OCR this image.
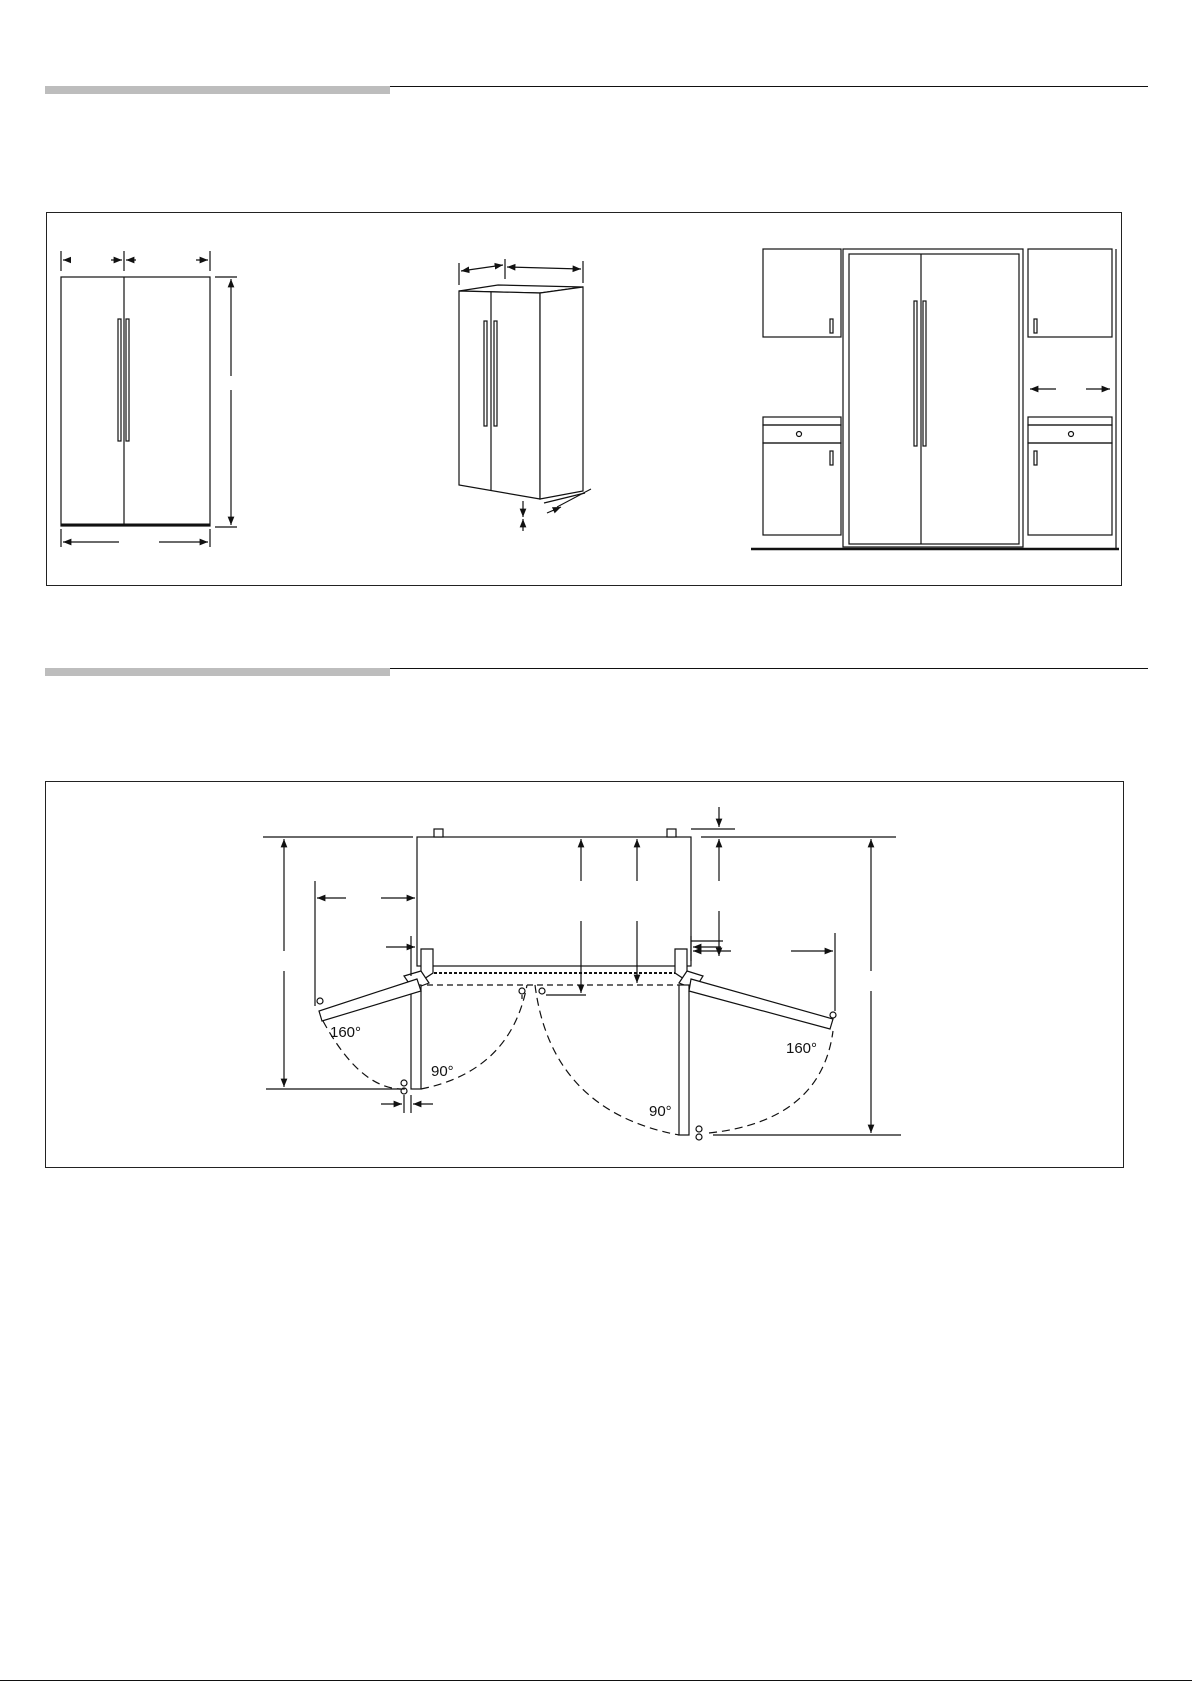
160°
90°
90°
160°
